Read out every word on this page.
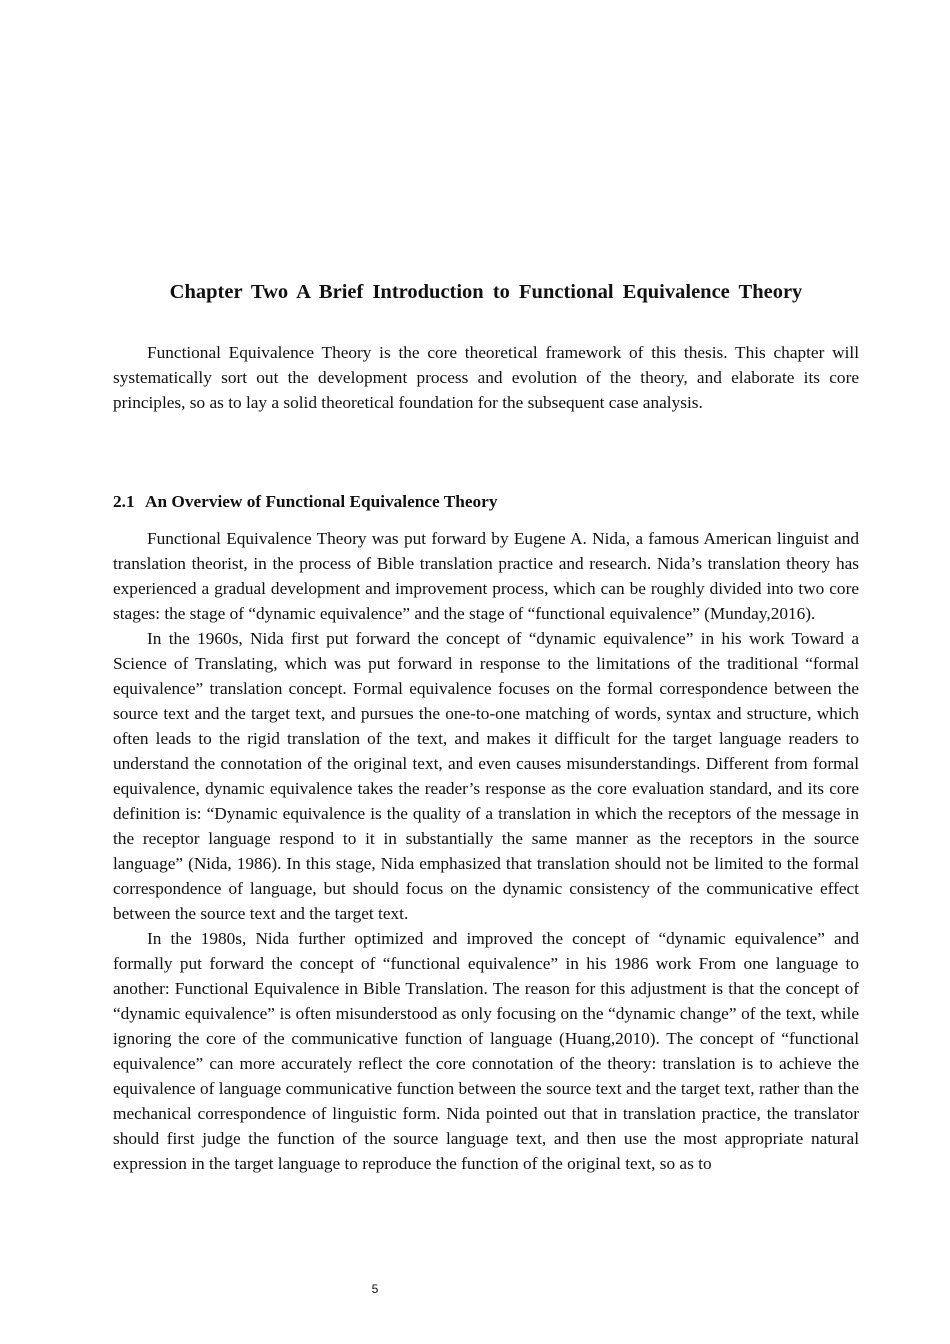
Chapter Two A Brief Introduction to Functional Equivalence Theory

Functional Equivalence Theory is the core theoretical framework of this thesis. This chapter will systematically sort out the development process and evolution of the theory, and elaborate its core principles, so as to lay a solid theoretical foundation for the subsequent case analysis.

2.1 An Overview of Functional Equivalence Theory

Functional Equivalence Theory was put forward by Eugene A. Nida, a famous American linguist and translation theorist, in the process of Bible translation practice and research. Nida’s translation theory has experienced a gradual development and improvement process, which can be roughly divided into two core stages: the stage of “dynamic equivalence” and the stage of “functional equivalence” (Munday,2016).

In the 1960s, Nida first put forward the concept of “dynamic equivalence” in his work Toward a Science of Translating, which was put forward in response to the limitations of the traditional “formal equivalence” translation concept. Formal equivalence focuses on the formal correspondence between the source text and the target text, and pursues the one-to-one matching of words, syntax and structure, which often leads to the rigid translation of the text, and makes it difficult for the target language readers to understand the connotation of the original text, and even causes misunderstandings. Different from formal equivalence, dynamic equivalence takes the reader’s response as the core evaluation standard, and its core definition is: “Dynamic equivalence is the quality of a translation in which the receptors of the message in the receptor language respond to it in substantially the same manner as the receptors in the source language” (Nida, 1986). In this stage, Nida emphasized that translation should not be limited to the formal correspondence of language, but should focus on the dynamic consistency of the communicative effect between the source text and the target text.

In the 1980s, Nida further optimized and improved the concept of “dynamic equivalence” and formally put forward the concept of “functional equivalence” in his 1986 work From one language to another: Functional Equivalence in Bible Translation. The reason for this adjustment is that the concept of “dynamic equivalence” is often misunderstood as only focusing on the “dynamic change” of the text, while ignoring the core of the communicative function of language (Huang,2010). The concept of “functional equivalence” can more accurately reflect the core connotation of the theory: translation is to achieve the equivalence of language communicative function between the source text and the target text, rather than the mechanical correspondence of linguistic form. Nida pointed out that in translation practice, the translator should first judge the function of the source language text, and then use the most appropriate natural expression in the target language to reproduce the function of the original text, so as to

5
